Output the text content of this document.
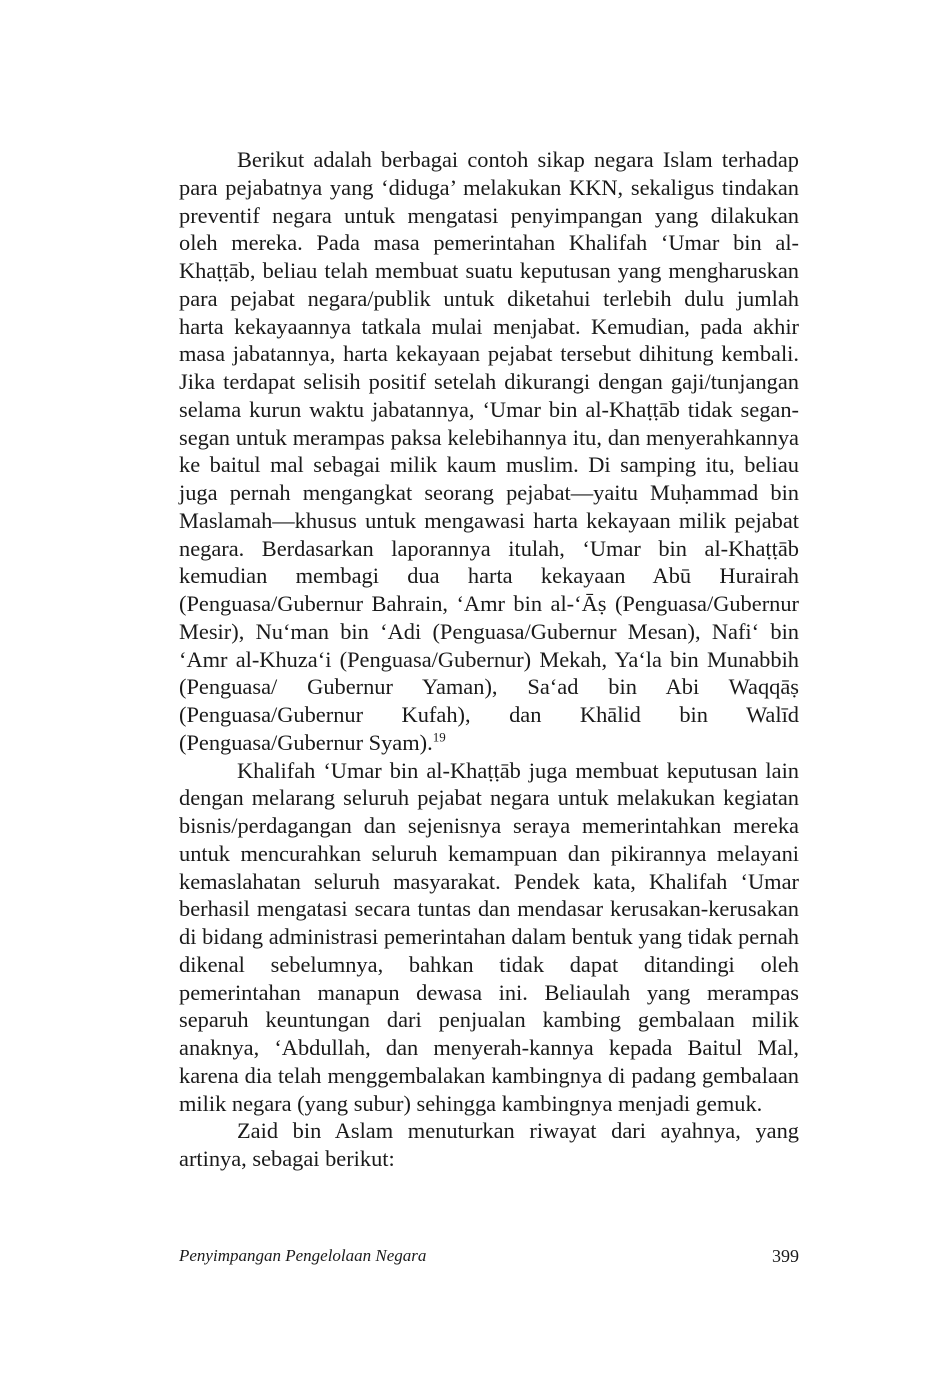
Berikut adalah berbagai contoh sikap negara Islam terhadap para pejabatnya yang ‘diduga’ melakukan KKN, sekaligus tindakan preventif negara untuk mengatasi penyimpangan yang dilakukan oleh mereka. Pada masa pemerintahan Khalifah ‘Umar bin al-Khaṭṭāb, beliau telah membuat suatu keputusan yang mengharuskan para pejabat negara/publik untuk diketahui terlebih dulu jumlah harta kekayaannya tatkala mulai menjabat. Kemudian, pada akhir masa jabatannya, harta kekayaan pejabat tersebut dihitung kembali. Jika terdapat selisih positif setelah dikurangi dengan gaji/tunjangan selama kurun waktu jabatannya, ‘Umar bin al-Khaṭṭāb tidak segan-segan untuk merampas paksa kelebihannya itu, dan menyerahkannya ke baitul mal sebagai milik kaum muslim. Di samping itu, beliau juga pernah mengangkat seorang pejabat—yaitu Muḥammad bin Maslamah—khusus untuk mengawasi harta kekayaan milik pejabat negara. Berdasarkan laporannya itulah, ‘Umar bin al-Khaṭṭāb kemudian membagi dua harta kekayaan Abū Hurairah (Penguasa/Gubernur Bahrain, ‘Amr bin al-‘Āṣ (Penguasa/Gubernur Mesir), Nu‘man bin ‘Adi (Penguasa/Gubernur Mesan), Nafi‘ bin ‘Amr al-Khuza‘i (Penguasa/Gubernur) Mekah, Ya‘la bin Munabbih (Penguasa/ Gubernur Yaman), Sa‘ad bin Abi Waqqāṣ (Penguasa/Gubernur Kufah), dan Khālid bin Walīd (Penguasa/Gubernur Syam).$^{19}$

Khalifah ‘Umar bin al-Khaṭṭāb juga membuat keputusan lain dengan melarang seluruh pejabat negara untuk melakukan kegiatan bisnis/perdagangan dan sejenisnya seraya memerintahkan mereka untuk mencurahkan seluruh kemampuan dan pikirannya melayani kemaslahatan seluruh masyarakat. Pendek kata, Khalifah ‘Umar berhasil mengatasi secara tuntas dan mendasar kerusakan-kerusakan di bidang administrasi pemerintahan dalam bentuk yang tidak pernah dikenal sebelumnya, bahkan tidak dapat ditandingi oleh pemerintahan manapun dewasa ini. Beliaulah yang merampas separuh keuntungan dari penjualan kambing gembalaan milik anaknya, ‘Abdullah, dan menyerah-kannya kepada Baitul Mal, karena dia telah menggembalakan kambingnya di padang gembalaan milik negara (yang subur) sehingga kambingnya menjadi gemuk.

Zaid bin Aslam menuturkan riwayat dari ayahnya, yang artinya, sebagai berikut:

Penyimpangan Pengelolaan Negara	399
